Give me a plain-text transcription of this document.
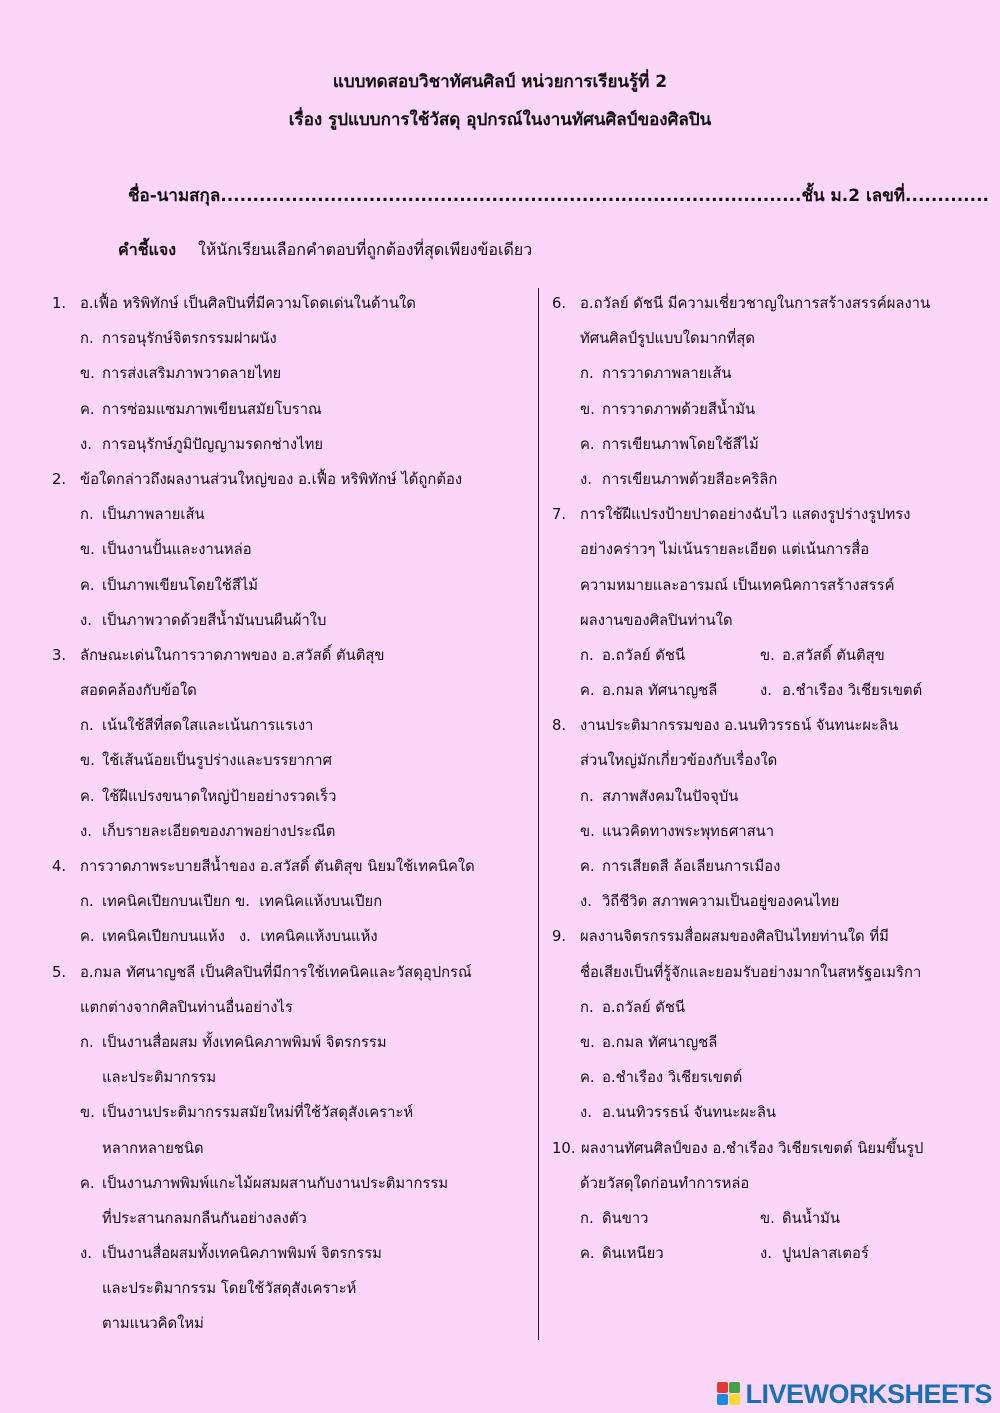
แบบทดสอบวิชาทัศนศิลป์ หน่วยการเรียนรู้ที่ 2
เรื่อง รูปแบบการใช้วัสดุ อุปกรณ์ในงานทัศนศิลป์ของศิลปิน
ชื่อ-นามสกุล..........................................................................................ชั้น ม.2 เลขที่.............
คำชี้แจง ให้นักเรียนเลือกคำตอบที่ถูกต้องที่สุดเพียงข้อเดียว
1. อ.เฟื้อ หริพิทักษ์ เป็นศิลปินที่มีความโดดเด่นในด้านใด
ก. การอนุรักษ์จิตรกรรมฝาผนัง
ข. การส่งเสริมภาพวาดลายไทย
ค. การซ่อมแซมภาพเขียนสมัยโบราณ
ง. การอนุรักษ์ภูมิปัญญามรดกช่างไทย
2. ข้อใดกล่าวถึงผลงานส่วนใหญ่ของ อ.เฟื้อ หริพิทักษ์ ได้ถูกต้อง
ก. เป็นภาพลายเส้น
ข. เป็นงานปั้นและงานหล่อ
ค. เป็นภาพเขียนโดยใช้สีไม้
ง. เป็นภาพวาดด้วยสีน้ำมันบนผืนผ้าใบ
3. ลักษณะเด่นในการวาดภาพของ อ.สวัสดิ์ ตันติสุข
สอดคล้องกับข้อใด
ก. เน้นใช้สีที่สดใสและเน้นการแรเงา
ข. ใช้เส้นน้อยเป็นรูปร่างและบรรยากาศ
ค. ใช้ฝีแปรงขนาดใหญ่ป้ายอย่างรวดเร็ว
ง. เก็บรายละเอียดของภาพอย่างประณีต
4. การวาดภาพระบายสีน้ำของ อ.สวัสดิ์ ตันติสุข นิยมใช้เทคนิคใด
ก. เทคนิคเปียกบนเปียก ข. เทคนิคแห้งบนเปียก
ค. เทคนิคเปียกบนแห้ง ง. เทคนิคแห้งบนแห้ง
5. อ.กมล ทัศนาญชลี เป็นศิลปินที่มีการใช้เทคนิคและวัสดุอุปกรณ์
แตกต่างจากศิลปินท่านอื่นอย่างไร
ก. เป็นงานสื่อผสม ทั้งเทคนิคภาพพิมพ์ จิตรกรรม
และประติมากรรม
ข. เป็นงานประติมากรรมสมัยใหม่ที่ใช้วัสดุสังเคราะห์
หลากหลายชนิด
ค. เป็นงานภาพพิมพ์แกะไม้ผสมผสานกับงานประติมากรรม
ที่ประสานกลมกลืนกันอย่างลงตัว
ง. เป็นงานสื่อผสมทั้งเทคนิคภาพพิมพ์ จิตรกรรม
และประติมากรรม โดยใช้วัสดุสังเคราะห์
ตามแนวคิดใหม่
6. อ.ถวัลย์ ดัชนี มีความเชี่ยวชาญในการสร้างสรรค์ผลงาน
ทัศนศิลป์รูปแบบใดมากที่สุด
ก. การวาดภาพลายเส้น
ข. การวาดภาพด้วยสีน้ำมัน
ค. การเขียนภาพโดยใช้สีไม้
ง. การเขียนภาพด้วยสีอะคริลิก
7. การใช้ฝีแปรงป้ายปาดอย่างฉับไว แสดงรูปร่างรูปทรง
อย่างคร่าวๆ ไม่เน้นรายละเอียด แต่เน้นการสื่อ
ความหมายและอารมณ์ เป็นเทคนิคการสร้างสรรค์
ผลงานของศิลปินท่านใด
ก. อ.ถวัลย์ ดัชนี	ข. อ.สวัสดิ์ ตันติสุข
ค. อ.กมล ทัศนาญชลี	ง. อ.ชำเรือง วิเชียรเขตต์
8. งานประติมากรรมของ อ.นนทิวรรธน์ จันทนะผะลิน
ส่วนใหญ่มักเกี่ยวข้องกับเรื่องใด
ก. สภาพสังคมในปัจจุบัน
ข. แนวคิดทางพระพุทธศาสนา
ค. การเสียดสี ล้อเลียนการเมือง
ง. วิถีชีวิต สภาพความเป็นอยู่ของคนไทย
9. ผลงานจิตรกรรมสื่อผสมของศิลปินไทยท่านใด ที่มี
ชื่อเสียงเป็นที่รู้จักและยอมรับอย่างมากในสหรัฐอเมริกา
ก. อ.ถวัลย์ ดัชนี
ข. อ.กมล ทัศนาญชลี
ค. อ.ชำเรือง วิเชียรเขตต์
ง. อ.นนทิวรรธน์ จันทนะผะลิน
10. ผลงานทัศนศิลป์ของ อ.ชำเรือง วิเชียรเขตต์ นิยมขึ้นรูป
ด้วยวัสดุใดก่อนทำการหล่อ
ก. ดินขาว	ข. ดินน้ำมัน
ค. ดินเหนียว	ง. ปูนปลาสเตอร์
LIVEWORKSHEETS
